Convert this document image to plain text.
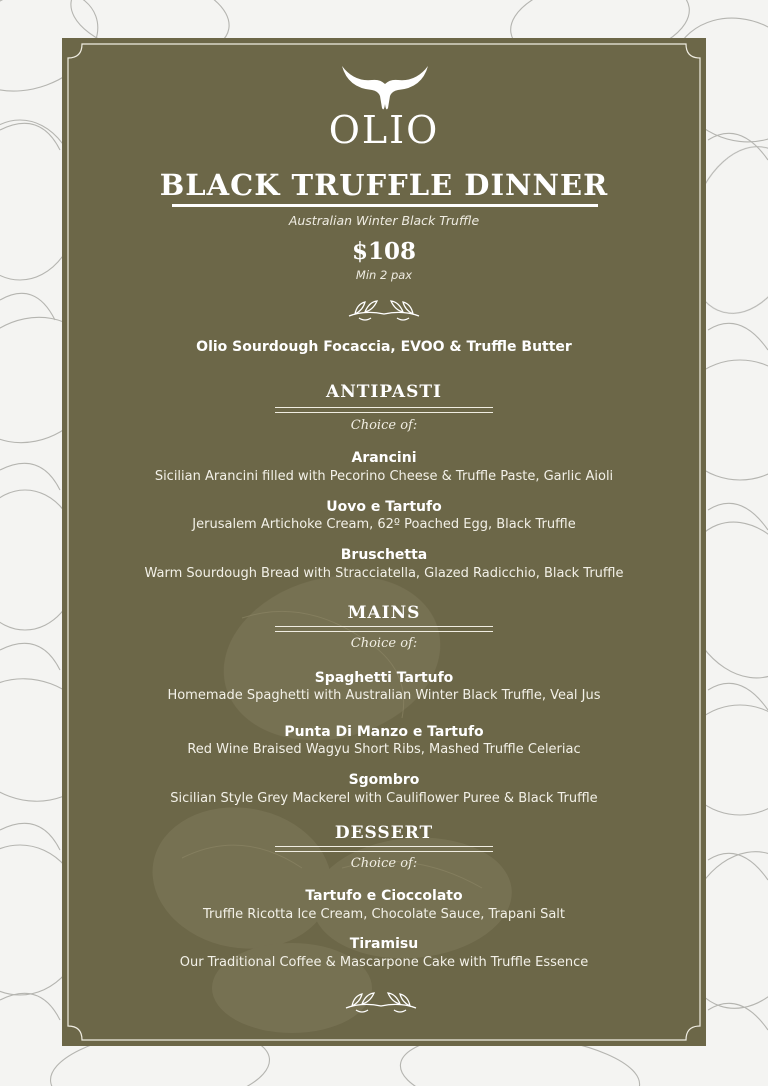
OLIO
BLACK TRUFFLE DINNER
Australian Winter Black Truffle
$108
Min 2 pax
Olio Sourdough Focaccia, EVOO & Truffle Butter
ANTIPASTI
Choice of:
Arancini
Sicilian Arancini filled with Pecorino Cheese & Truffle Paste, Garlic Aioli
Uovo e Tartufo
Jerusalem Artichoke Cream, 62º Poached Egg, Black Truffle
Bruschetta
Warm Sourdough Bread with Stracciatella, Glazed Radicchio, Black Truffle
MAINS
Choice of:
Spaghetti Tartufo
Homemade Spaghetti with Australian Winter Black Truffle, Veal Jus
Punta Di Manzo e Tartufo
Red Wine Braised Wagyu Short Ribs, Mashed Truffle Celeriac
Sgombro
Sicilian Style Grey Mackerel with Cauliflower Puree & Black Truffle
DESSERT
Choice of:
Tartufo e Cioccolato
Truffle Ricotta Ice Cream, Chocolate Sauce, Trapani Salt
Tiramisu
Our Traditional Coffee & Mascarpone Cake with Truffle Essence
